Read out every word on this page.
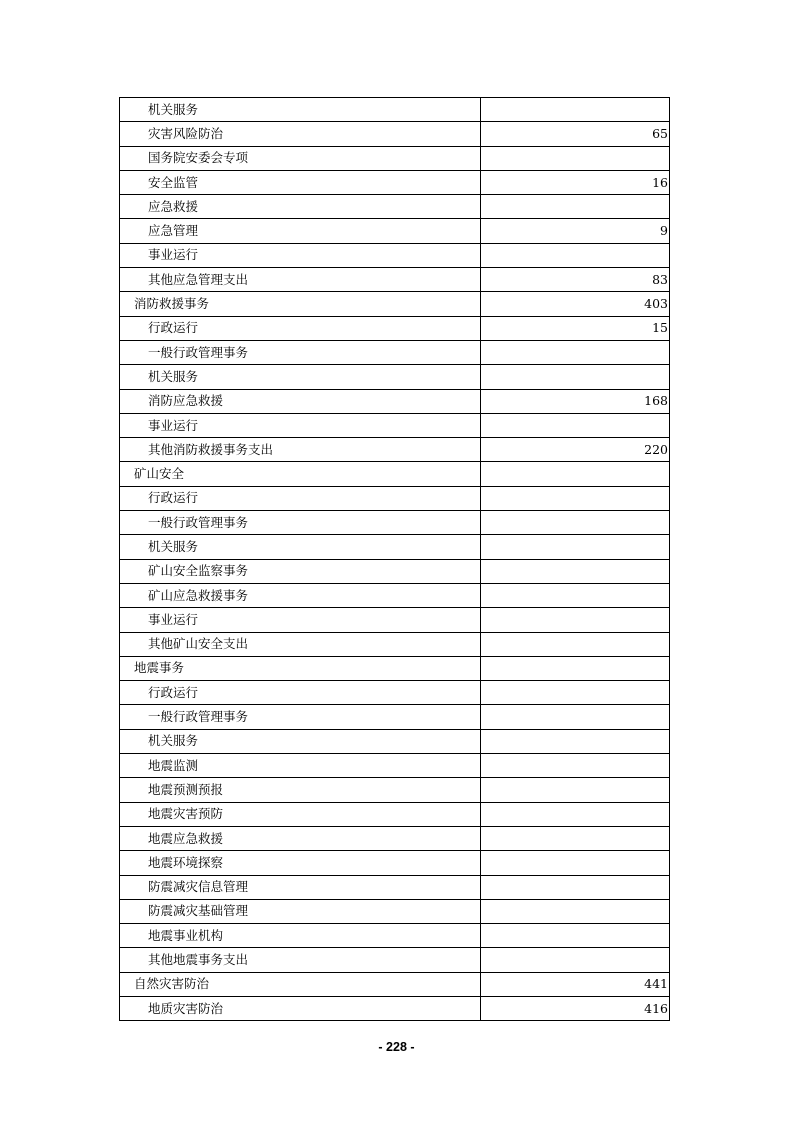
机关服务	
灾害风险防治	65
国务院安委会专项	
安全监管	16
应急救援	
应急管理	9
事业运行	
其他应急管理支出	83
消防救援事务	403
行政运行	15
一般行政管理事务	
机关服务	
消防应急救援	168
事业运行	
其他消防救援事务支出	220
矿山安全	
行政运行	
一般行政管理事务	
机关服务	
矿山安全监察事务	
矿山应急救援事务	
事业运行	
其他矿山安全支出	
地震事务	
行政运行	
一般行政管理事务	
机关服务	
地震监测	
地震预测预报	
地震灾害预防	
地震应急救援	
地震环境探察	
防震减灾信息管理	
防震减灾基础管理	
地震事业机构	
其他地震事务支出	
自然灾害防治	441
地质灾害防治	416
- 228 -
